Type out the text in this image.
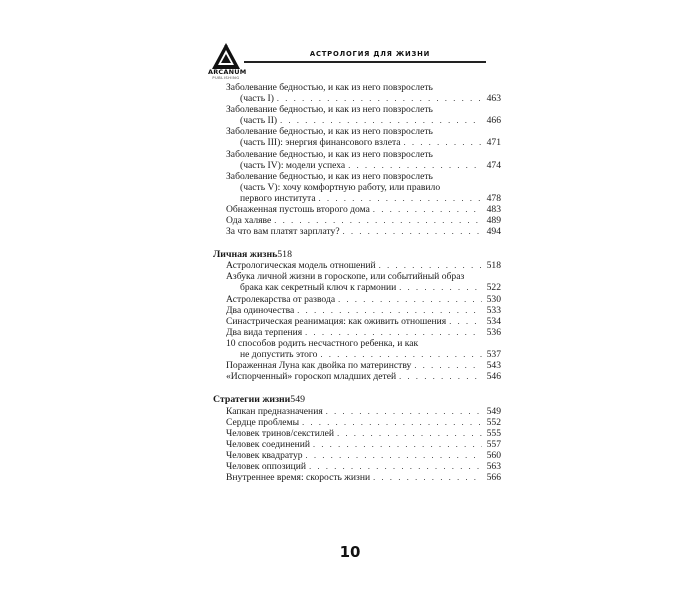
ARCANUM
PUBLISHING
АСТРОЛОГИЯ ДЛЯ ЖИЗНИ
Заболевание бедностью, и как из него повзрослеть
(часть I) . . .	463
Заболевание бедностью, и как из него повзрослеть
(часть II) . . .	466
Заболевание бедностью, и как из него повзрослеть
(часть III): энергия финансового взлета . . .	471
Заболевание бедностью, и как из него повзрослеть
(часть IV): модели успеха . . .	474
Заболевание бедностью, и как из него повзрослеть
(часть V): хочу комфортную работу, или правило
первого института . . .	478
Обнаженная пустошь второго дома . . .	483
Ода халяве . . .	489
За что вам платят зарплату? . . .	494
Личная жизнь 518
Астрологическая модель отношений . . .	518
Азбука личной жизни в гороскопе, или событийный образ
брака как секретный ключ к гармонии . . .	522
Астролекарства от развода . . .	530
Два одиночества . . .	533
Синастрическая реанимация: как оживить отношения . . .	534
Два вида терпения . . .	536
10 способов родить несчастного ребенка, и как
не допустить этого . . .	537
Пораженная Луна как двойка по материнству . . .	543
«Испорченный» гороскоп младших детей . . .	546
Стратегии жизни 549
Капкан предназначения . . .	549
Сердце проблемы . . .	552
Человек тринов/секстилей . . .	555
Человек соединений . . .	557
Человек квадратур . . .	560
Человек оппозиций . . .	563
Внутреннее время: скорость жизни . . .	566
10
